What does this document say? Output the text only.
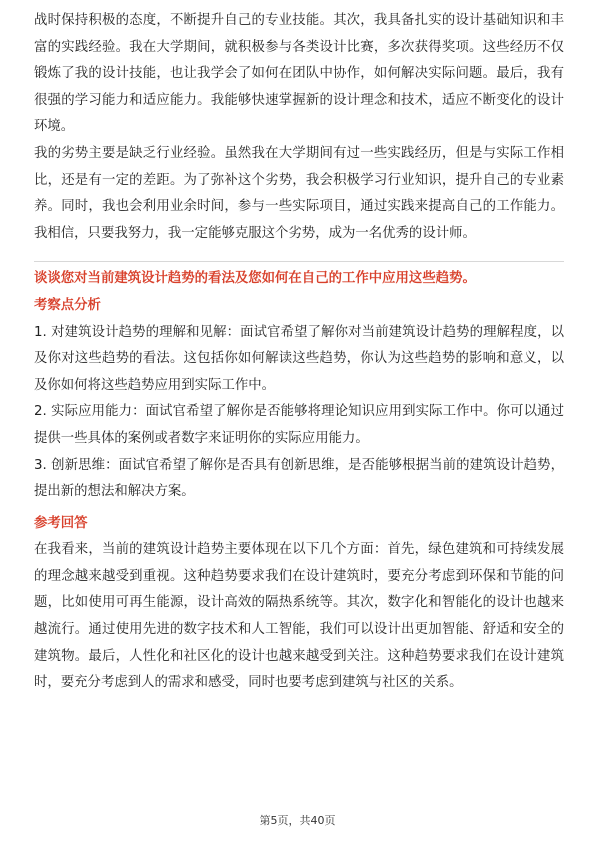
战时保持积极的态度，不断提升自己的专业技能。其次，我具备扎实的设计基础知识和丰富的实践经验。我在大学期间，就积极参与各类设计比赛，多次获得奖项。这些经历不仅锻炼了我的设计技能，也让我学会了如何在团队中协作，如何解决实际问题。最后，我有很强的学习能力和适应能力。我能够快速掌握新的设计理念和技术，适应不断变化的设计环境。

我的劣势主要是缺乏行业经验。虽然我在大学期间有过一些实践经历，但是与实际工作相比，还是有一定的差距。为了弥补这个劣势，我会积极学习行业知识，提升自己的专业素养。同时，我也会利用业余时间，参与一些实际项目，通过实践来提高自己的工作能力。我相信，只要我努力，我一定能够克服这个劣势，成为一名优秀的设计师。

谈谈您对当前建筑设计趋势的看法及您如何在自己的工作中应用这些趋势。

考察点分析

1. 对建筑设计趋势的理解和见解：面试官希望了解你对当前建筑设计趋势的理解程度，以及你对这些趋势的看法。这包括你如何解读这些趋势，你认为这些趋势的影响和意义，以及你如何将这些趋势应用到实际工作中。

2. 实际应用能力：面试官希望了解你是否能够将理论知识应用到实际工作中。你可以通过提供一些具体的案例或者数字来证明你的实际应用能力。

3. 创新思维：面试官希望了解你是否具有创新思维，是否能够根据当前的建筑设计趋势，提出新的想法和解决方案。

参考回答

在我看来，当前的建筑设计趋势主要体现在以下几个方面：首先，绿色建筑和可持续发展的理念越来越受到重视。这种趋势要求我们在设计建筑时，要充分考虑到环保和节能的问题，比如使用可再生能源，设计高效的隔热系统等。其次，数字化和智能化的设计也越来越流行。通过使用先进的数字技术和人工智能，我们可以设计出更加智能、舒适和安全的建筑物。最后，人性化和社区化的设计也越来越受到关注。这种趋势要求我们在设计建筑时，要充分考虑到人的需求和感受，同时也要考虑到建筑与社区的关系。

第5页，共40页
